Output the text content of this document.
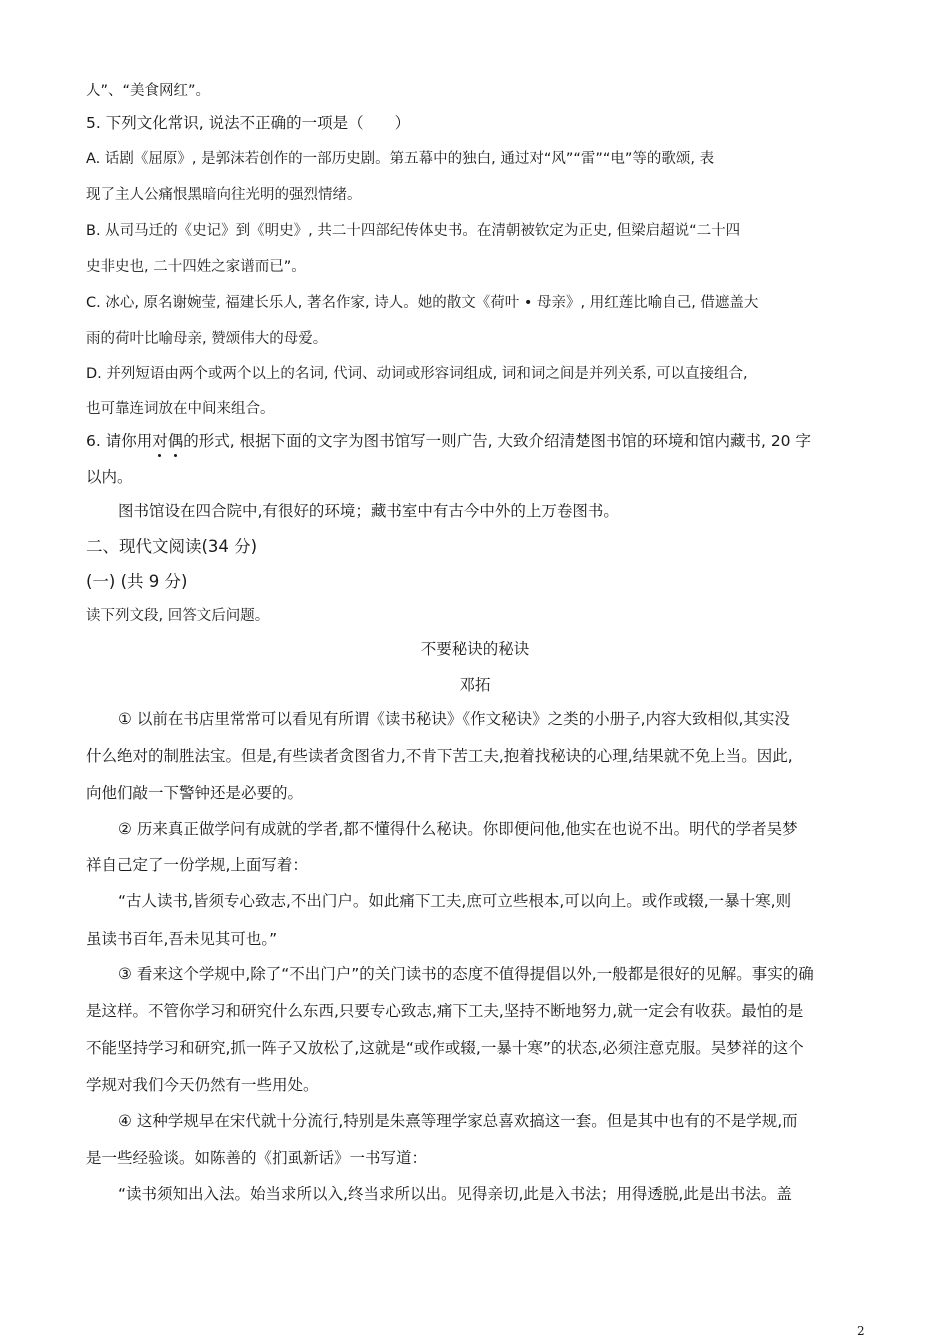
人”、“美食网红”。
5. 下列文化常识, 说法不正确的一项是（　　）
A. 话剧《屈原》, 是郭沫若创作的一部历史剧。第五幕中的独白, 通过对“风”“雷”“电”等的歌颂, 表
现了主人公痛恨黑暗向往光明的强烈情绪。
B. 从司马迁的《史记》到《明史》, 共二十四部纪传体史书。在清朝被钦定为正史, 但梁启超说“二十四
史非史也, 二十四姓之家谱而已”。
C. 冰心, 原名谢婉莹, 福建长乐人, 著名作家, 诗人。她的散文《荷叶 • 母亲》, 用红莲比喻自己, 借遮盖大
雨的荷叶比喻母亲, 赞颂伟大的母爱。
D. 并列短语由两个或两个以上的名词, 代词、动词或形容词组成, 词和词之间是并列关系, 可以直接组合,
也可靠连词放在中间来组合。
6. 请你用对偶的形式, 根据下面的文字为图书馆写一则广告, 大致介绍清楚图书馆的环境和馆内藏书, 20 字
以内。
图书馆设在四合院中,有很好的环境；藏书室中有古今中外的上万卷图书。
二、现代文阅读(34 分)
(一) (共 9 分)
读下列文段, 回答文后问题。
不要秘诀的秘诀
邓拓
① 以前在书店里常常可以看见有所谓《读书秘诀》《作文秘诀》之类的小册子,内容大致相似,其实没
什么绝对的制胜法宝。但是,有些读者贪图省力,不肯下苦工夫,抱着找秘诀的心理,结果就不免上当。因此,
向他们敲一下警钟还是必要的。
② 历来真正做学问有成就的学者,都不懂得什么秘诀。你即便问他,他实在也说不出。明代的学者吴梦
祥自己定了一份学规,上面写着：
“古人读书,皆须专心致志,不出门户。如此痛下工夫,庶可立些根本,可以向上。或作或辍,一暴十寒,则
虽读书百年,吾未见其可也。”
③ 看来这个学规中,除了“不出门户”的关门读书的态度不值得提倡以外,一般都是很好的见解。事实的确
是这样。不管你学习和研究什么东西,只要专心致志,痛下工夫,坚持不断地努力,就一定会有收获。最怕的是
不能坚持学习和研究,抓一阵子又放松了,这就是“或作或辍,一暴十寒”的状态,必须注意克服。吴梦祥的这个
学规对我们今天仍然有一些用处。
④ 这种学规早在宋代就十分流行,特别是朱熹等理学家总喜欢搞这一套。但是其中也有的不是学规,而
是一些经验谈。如陈善的《扪虱新话》一书写道：
“读书须知出入法。始当求所以入,终当求所以出。见得亲切,此是入书法；用得透脱,此是出书法。盖
2
